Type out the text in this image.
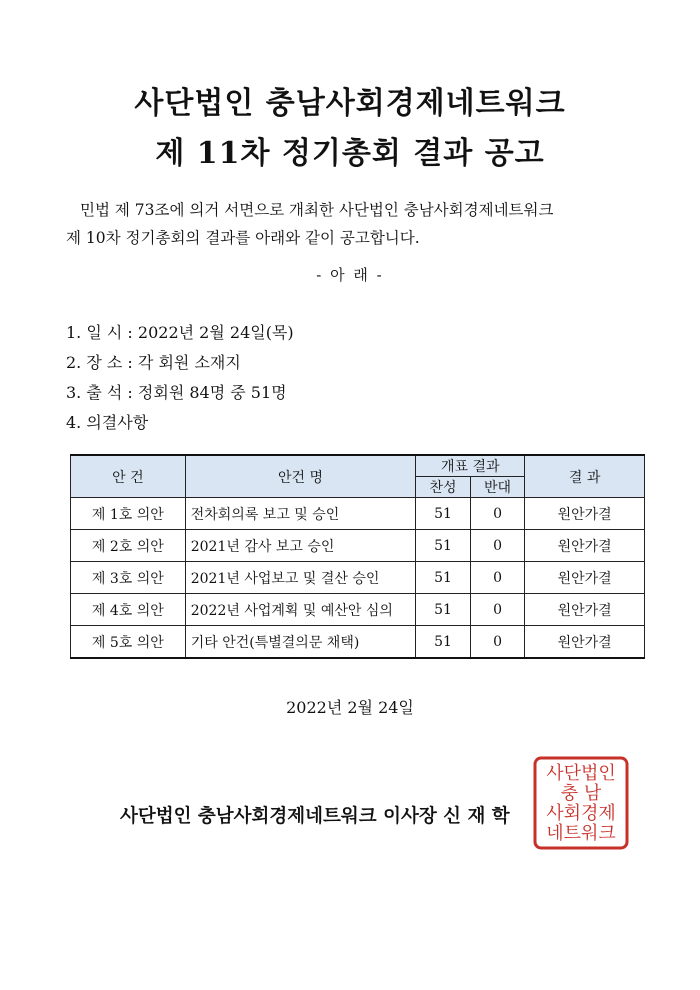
사단법인 충남사회경제네트워크
제 11차 정기총회 결과 공고

민법 제 73조에 의거 서면으로 개최한 사단법인 충남사회경제네트워크

제 10차 정기총회의 결과를 아래와 같이 공고합니다.

- 아 래 -
1. 일 시 : 2022년 2월 24일(목)
2. 장 소 : 각 회원 소재지
3. 출 석 : 정회원 84명 중 51명
4. 의결사항
안 건	안건 명	개표 결과		결 과
		찬성	반대	
제 1호 의안	전차회의록 보고 및 승인	51	0	원안가결
제 2호 의안	2021년 감사 보고 승인	51	0	원안가결
제 3호 의안	2021년 사업보고 및 결산 승인	51	0	원안가결
제 4호 의안	2022년 사업계획 및 예산안 심의	51	0	원안가결
제 5호 의안	기타 안건(특별결의문 채택)	51	0	원안가결
2022년 2월 24일
사단법인
충 남
사회경제
네트워크
사단법인 충남사회경제네트워크 이사장 신 재 학
